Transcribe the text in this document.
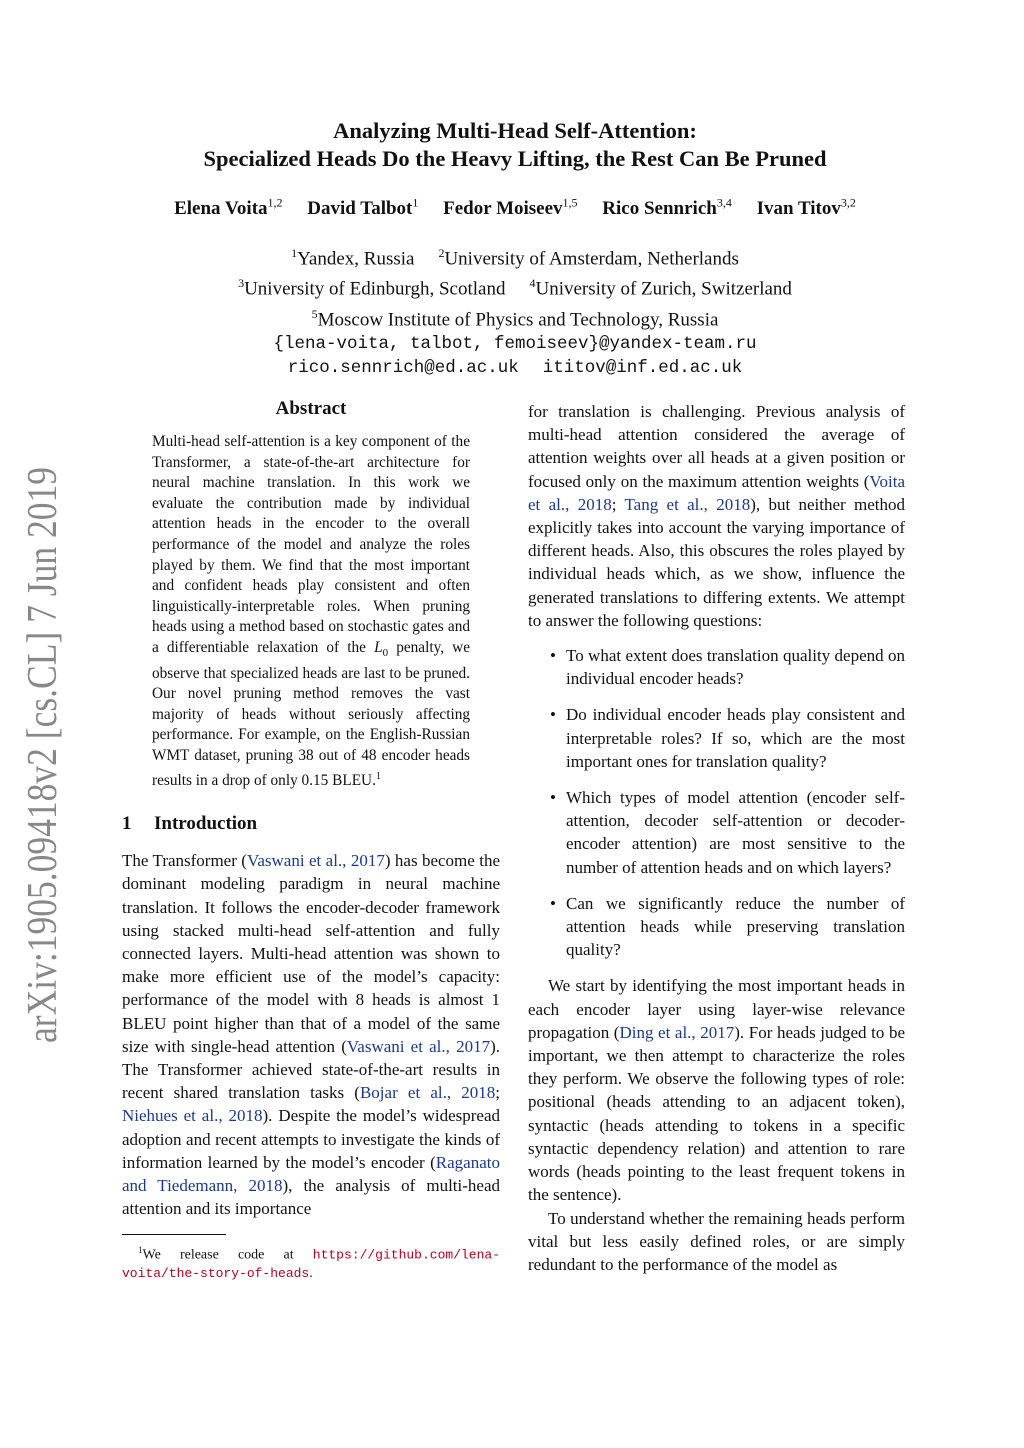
arXiv:1905.09418v2 [cs.CL] 7 Jun 2019
Analyzing Multi-Head Self-Attention:
Specialized Heads Do the Heavy Lifting, the Rest Can Be Pruned
Elena Voita$^{1,2}$ David Talbot$^1$ Fedor Moiseev$^{1,5}$ Rico Sennrich$^{3,4}$ Ivan Titov$^{3,2}$
$^1$Yandex, Russia $^2$University of Amsterdam, Netherlands
$^3$University of Edinburgh, Scotland $^4$University of Zurich, Switzerland
$^5$Moscow Institute of Physics and Technology, Russia
{lena-voita, talbot, femoiseev}@yandex-team.ru
rico.sennrich@ed.ac.uk ititov@inf.ed.ac.uk
Abstract

Multi-head self-attention is a key component of the Transformer, a state-of-the-art architecture for neural machine translation. In this work we evaluate the contribution made by individual attention heads in the encoder to the overall performance of the model and analyze the roles played by them. We find that the most important and confident heads play consistent and often linguistically-interpretable roles. When pruning heads using a method based on stochastic gates and a differentiable relaxation of the $L_0$ penalty, we observe that specialized heads are last to be pruned. Our novel pruning method removes the vast majority of heads without seriously affecting performance. For example, on the English-Russian WMT dataset, pruning 38 out of 48 encoder heads results in a drop of only 0.15 BLEU.$^1$

1 Introduction

The Transformer (Vaswani et al., 2017) has become the dominant modeling paradigm in neural machine translation. It follows the encoder-decoder framework using stacked multi-head self-attention and fully connected layers. Multi-head attention was shown to make more efficient use of the model’s capacity: performance of the model with 8 heads is almost 1 BLEU point higher than that of a model of the same size with single-head attention (Vaswani et al., 2017). The Transformer achieved state-of-the-art results in recent shared translation tasks (Bojar et al., 2018; Niehues et al., 2018). Despite the model’s widespread adoption and recent attempts to investigate the kinds of information learned by the model’s encoder (Raganato and Tiedemann, 2018), the analysis of multi-head attention and its importance

$^1$We release code at https://github.com/lena-voita/the-story-of-heads.

for translation is challenging. Previous analysis of multi-head attention considered the average of attention weights over all heads at a given position or focused only on the maximum attention weights (Voita et al., 2018; Tang et al., 2018), but neither method explicitly takes into account the varying importance of different heads. Also, this obscures the roles played by individual heads which, as we show, influence the generated translations to differing extents. We attempt to answer the following questions:

• To what extent does translation quality depend on individual encoder heads?
• Do individual encoder heads play consistent and interpretable roles? If so, which are the most important ones for translation quality?
• Which types of model attention (encoder self-attention, decoder self-attention or decoder-encoder attention) are most sensitive to the number of attention heads and on which layers?
• Can we significantly reduce the number of attention heads while preserving translation quality?

We start by identifying the most important heads in each encoder layer using layer-wise relevance propagation (Ding et al., 2017). For heads judged to be important, we then attempt to characterize the roles they perform. We observe the following types of role: positional (heads attending to an adjacent token), syntactic (heads attending to tokens in a specific syntactic dependency relation) and attention to rare words (heads pointing to the least frequent tokens in the sentence).

To understand whether the remaining heads perform vital but less easily defined roles, or are simply redundant to the performance of the model as
